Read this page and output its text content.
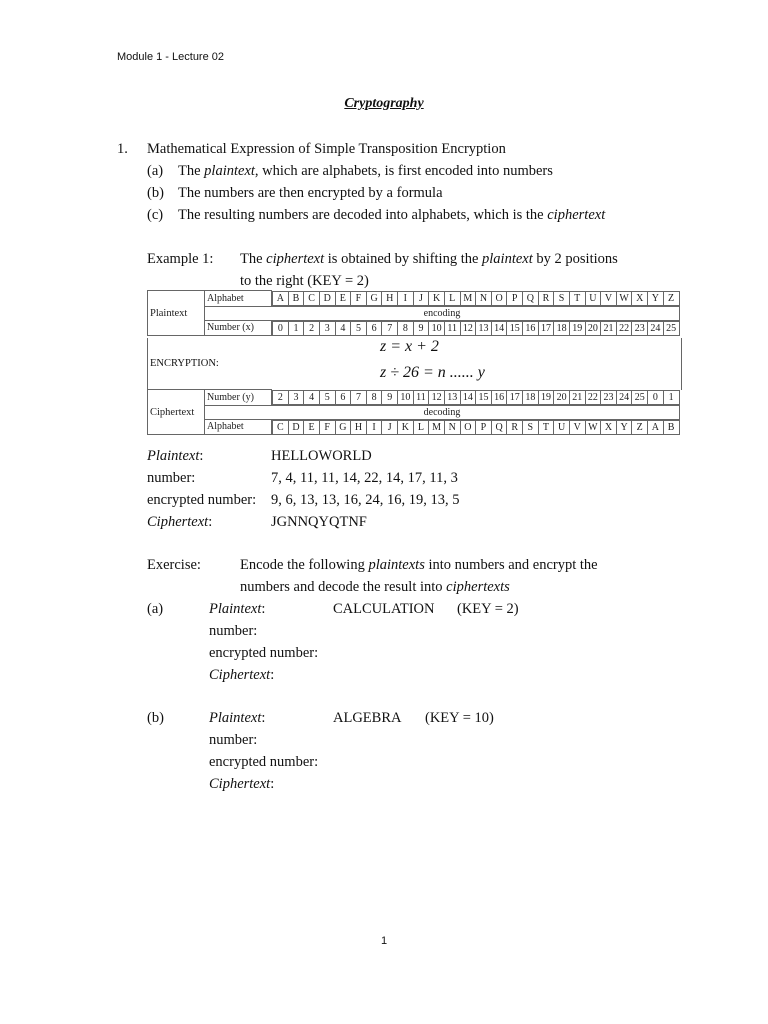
Module 1 - Lecture 02
Cryptography
1. Mathematical Expression of Simple Transposition Encryption
(a) The plaintext, which are alphabets, is first encoded into numbers
(b) The numbers are then encrypted by a formula
(c) The resulting numbers are decoded into alphabets, which is the ciphertext
Example 1: The ciphertext is obtained by shifting the plaintext by 2 positions
to the right (KEY = 2)
Plaintext	Alphabet		A	B	C	D	E	F	G	H	I	J	K	L	M	N	O	P	Q	R	S	T	U	V	W	X	Y	Z

encoding
Number (x)	0	1	2	3	4	5	6	7	8	9	10	11	12	13	14	15	16	17	18	19	20	21	22	23	24	25
ENCRYPTION:
z = x + 2
z ÷ 26 = n ...... y
Ciphertext	Number (y)	2	3	4	5	6	7	8	9	10	11	12	13	14	15	16	17	18	19	20	21	22	23	24	25	0	1

decoding
Alphabet		C	D	E	F	G	H	I	J	K	L	M	N	O	P	Q	R	S	T	U	V	W	X	Y	Z	A	B
Plaintext:	HELLOWORLD
number:	7, 4, 11, 11, 14, 22, 14, 17, 11, 3
encrypted number: 9, 6, 13, 13, 16, 24, 16, 19, 13, 5
Ciphertext:	JGNNQYQTNF
Exercise:	Encode the following plaintexts into numbers and encrypt the
numbers and decode the result into ciphertexts
(a)	Plaintext:	CALCULATION (KEY = 2)
number:
encrypted number:
Ciphertext:
(b)	Plaintext:	ALGEBRA (KEY = 10)
number:
encrypted number:
Ciphertext:
1
